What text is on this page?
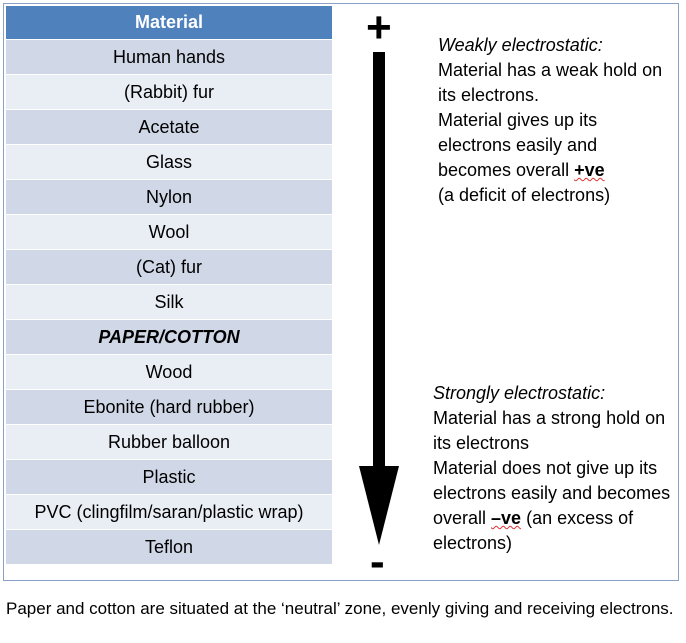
Material
Human hands
(Rabbit) fur
Acetate
Glass
Nylon
Wool
(Cat) fur
Silk
PAPER/COTTON
Wood
Ebonite (hard rubber)
Rubber balloon
Plastic
PVC (clingfilm/saran/plastic wrap)
Teflon
+
-
Weakly electrostatic:
Material has a weak hold on its electrons.
Material gives up its electrons easily and becomes overall +ve
(a deficit of electrons)
Strongly electrostatic:
Material has a strong hold on its electrons
Material does not give up its electrons easily and becomes overall –ve (an excess of electrons)
Paper and cotton are situated at the ‘neutral’ zone, evenly giving and receiving electrons.
